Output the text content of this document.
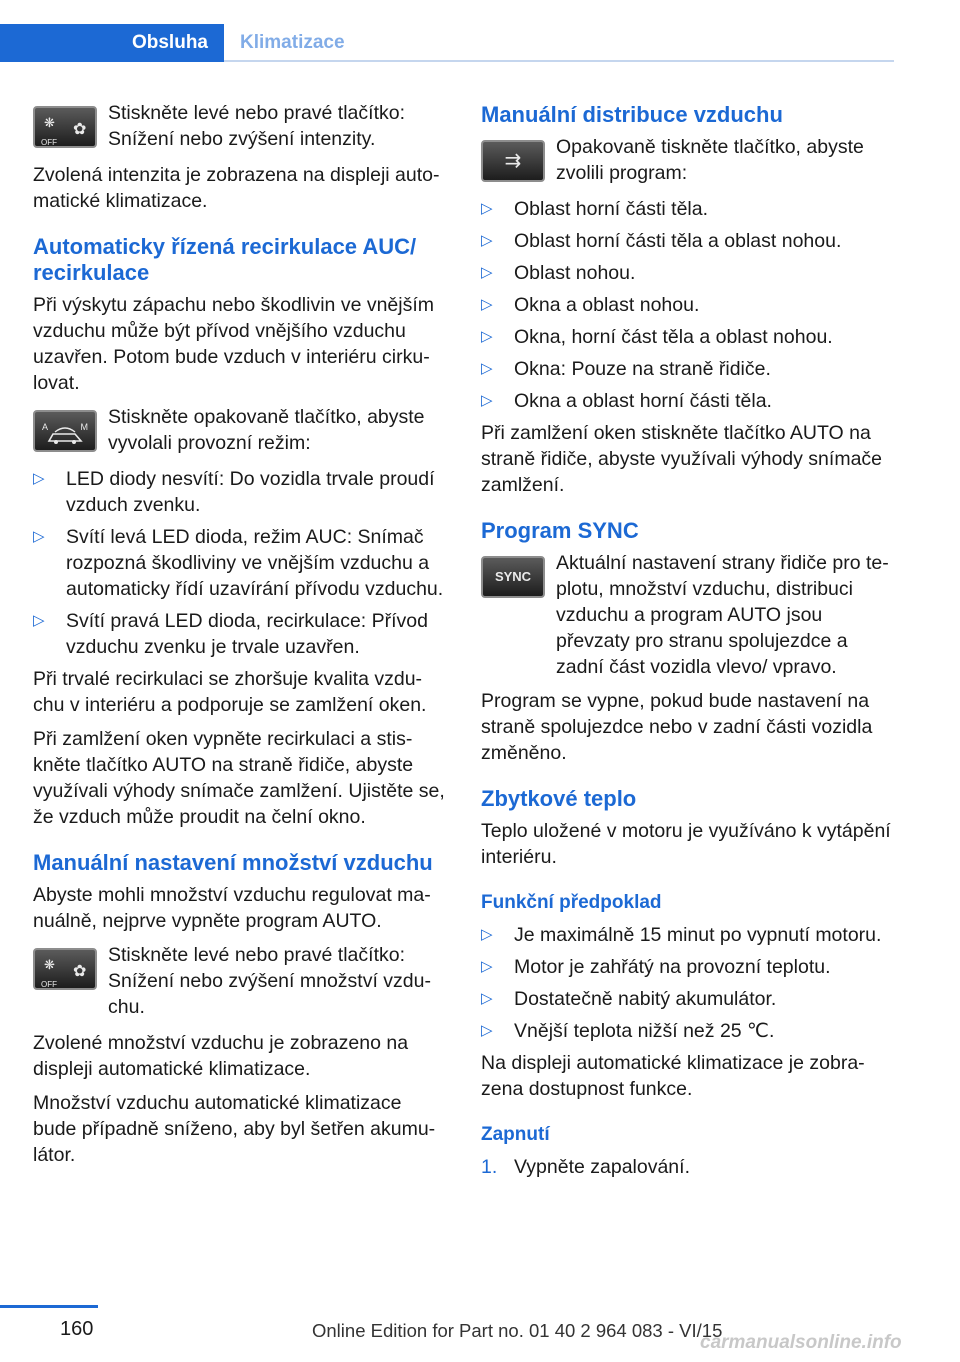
Obsluha	Klimatizace
❋
OFF
✿
Stiskněte levé nebo pravé tlačítko: Snížení nebo zvýšení intenzity.

Zvolená intenzita je zobrazena na displeji auto-matické klimatizace.

Automaticky řízená recirkulace AUC/ recirkulace

Při výskytu zápachu nebo škodlivin ve vnějším vzduchu může být přívod vnějšího vzduchu uzavřen. Potom bude vzduch v interiéru cirku-lovat.

A	M Stiskněte opakovaně tlačítko, abyste vyvolali provozní režim:
▷ LED diody nesvítí: Do vozidla trvale proudí vzduch zvenku.
▷ Svítí levá LED dioda, režim AUC: Snímač rozpozná škodliviny ve vnějším vzduchu a automaticky řídí uzavírání přívodu vzduchu.
▷ Svítí pravá LED dioda, recirkulace: Přívod vzduchu zvenku je trvale uzavřen.

Při trvalé recirkulaci se zhoršuje kvalita vzdu-chu v interiéru a podporuje se zamlžení oken.

Při zamlžení oken vypněte recirkulaci a stis-kněte tlačítko AUTO na straně řidiče, abyste využívali výhody snímače zamlžení. Ujistěte se, že vzduch může proudit na čelní okno.

Manuální nastavení množství vzduchu

Abyste mohli množství vzduchu regulovat ma-nuálně, nejprve vypněte program AUTO.

❋
OFF
✿
Stiskněte levé nebo pravé tlačítko: Snížení nebo zvýšení množství vzdu-chu.

Zvolené množství vzduchu je zobrazeno na displeji automatické klimatizace.

Množství vzduchu automatické klimatizace bude případně sníženo, aby byl šetřen akumu-látor.

Manuální distribuce vzduchu
⇉
Opakovaně tiskněte tlačítko, abyste zvolili program:
▷ Oblast horní části těla.
▷ Oblast horní části těla a oblast nohou.
▷ Oblast nohou.
▷ Okna a oblast nohou.
▷ Okna, horní část těla a oblast nohou.
▷ Okna: Pouze na straně řidiče.
▷ Okna a oblast horní části těla.

Při zamlžení oken stiskněte tlačítko AUTO na straně řidiče, abyste využívali výhody snímače zamlžení.

Program SYNC
SYNC
Aktuální nastavení strany řidiče pro te-plotu, množství vzduchu, distribuci vzduchu a program AUTO jsou převzaty pro stranu spolujezdce a zadní část vozidla vlevo/ vpravo.

Program se vypne, pokud bude nastavení na straně spolujezdce nebo v zadní části vozidla změněno.

Zbytkové teplo

Teplo uložené v motoru je využíváno k vytápění interiéru.

Funkční předpoklad
▷ Je maximálně 15 minut po vypnutí motoru.
▷ Motor je zahřátý na provozní teplotu.
▷ Dostatečně nabitý akumulátor.
▷ Vnější teplota nižší než 25 ℃.

Na displeji automatické klimatizace je zobra-zena dostupnost funkce.

Zapnutí
1. Vypněte zapalování.
160	Online Edition for Part no. 01 40 2 964 083 - VI/15
carmanualsonline.info
